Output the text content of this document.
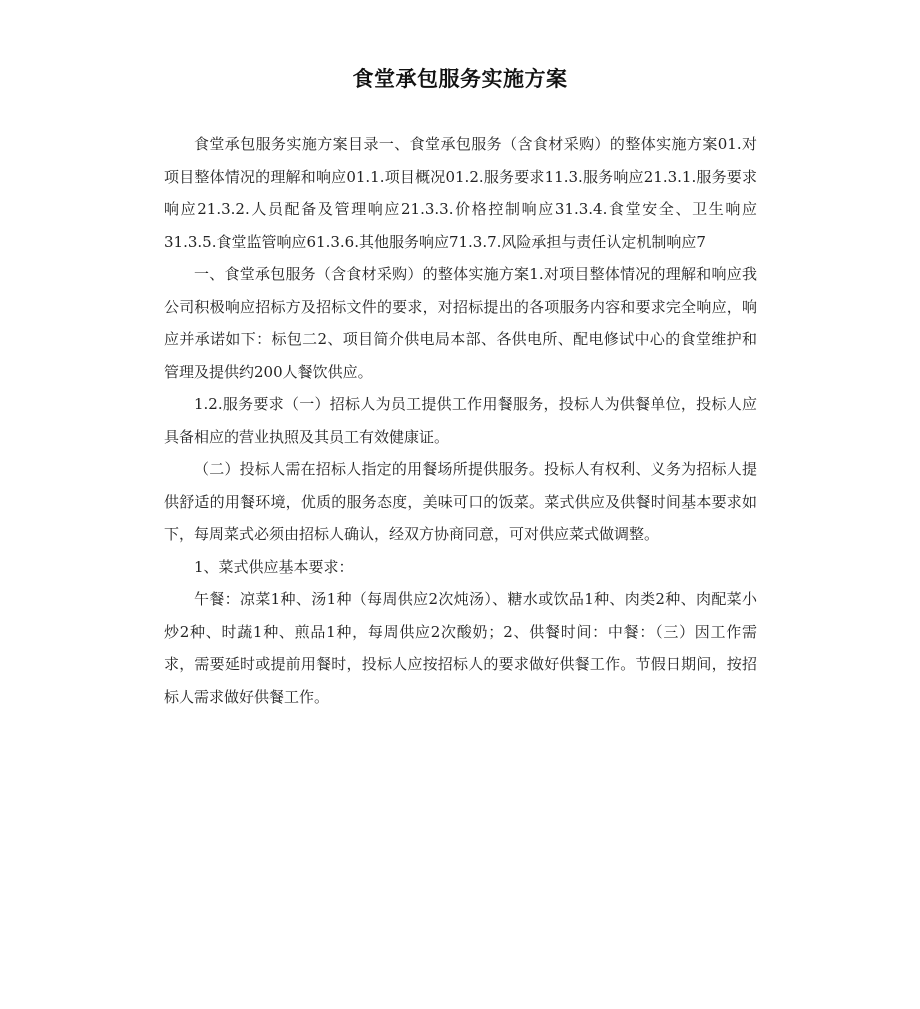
食堂承包服务实施方案

食堂承包服务实施方案目录一、食堂承包服务（含食材采购）的整体实施方案01.对项目整体情况的理解和响应01.1.项目概况01.2.服务要求11.3.服务响应21.3.1.服务要求响应21.3.2.人员配备及管理响应21.3.3.价格控制响应31.3.4.食堂安全、卫生响应31.3.5.食堂监管响应61.3.6.其他服务响应71.3.7.风险承担与责任认定机制响应7

一、食堂承包服务（含食材采购）的整体实施方案1.对项目整体情况的理解和响应我公司积极响应招标方及招标文件的要求，对招标提出的各项服务内容和要求完全响应，响应并承诺如下：标包二2、项目简介供电局本部、各供电所、配电修试中心的食堂维护和管理及提供约200人餐饮供应。

1.2.服务要求（一）招标人为员工提供工作用餐服务，投标人为供餐单位，投标人应具备相应的营业执照及其员工有效健康证。

（二）投标人需在招标人指定的用餐场所提供服务。投标人有权利、义务为招标人提供舒适的用餐环境，优质的服务态度，美味可口的饭菜。菜式供应及供餐时间基本要求如下，每周菜式必须由招标人确认，经双方协商同意，可对供应菜式做调整。

1、菜式供应基本要求：

午餐：凉菜1种、汤1种（每周供应2次炖汤）、糖水或饮品1种、肉类2种、肉配菜小炒2种、时蔬1种、煎品1种，每周供应2次酸奶；2、供餐时间：中餐：（三）因工作需求，需要延时或提前用餐时，投标人应按招标人的要求做好供餐工作。节假日期间，按招标人需求做好供餐工作。
